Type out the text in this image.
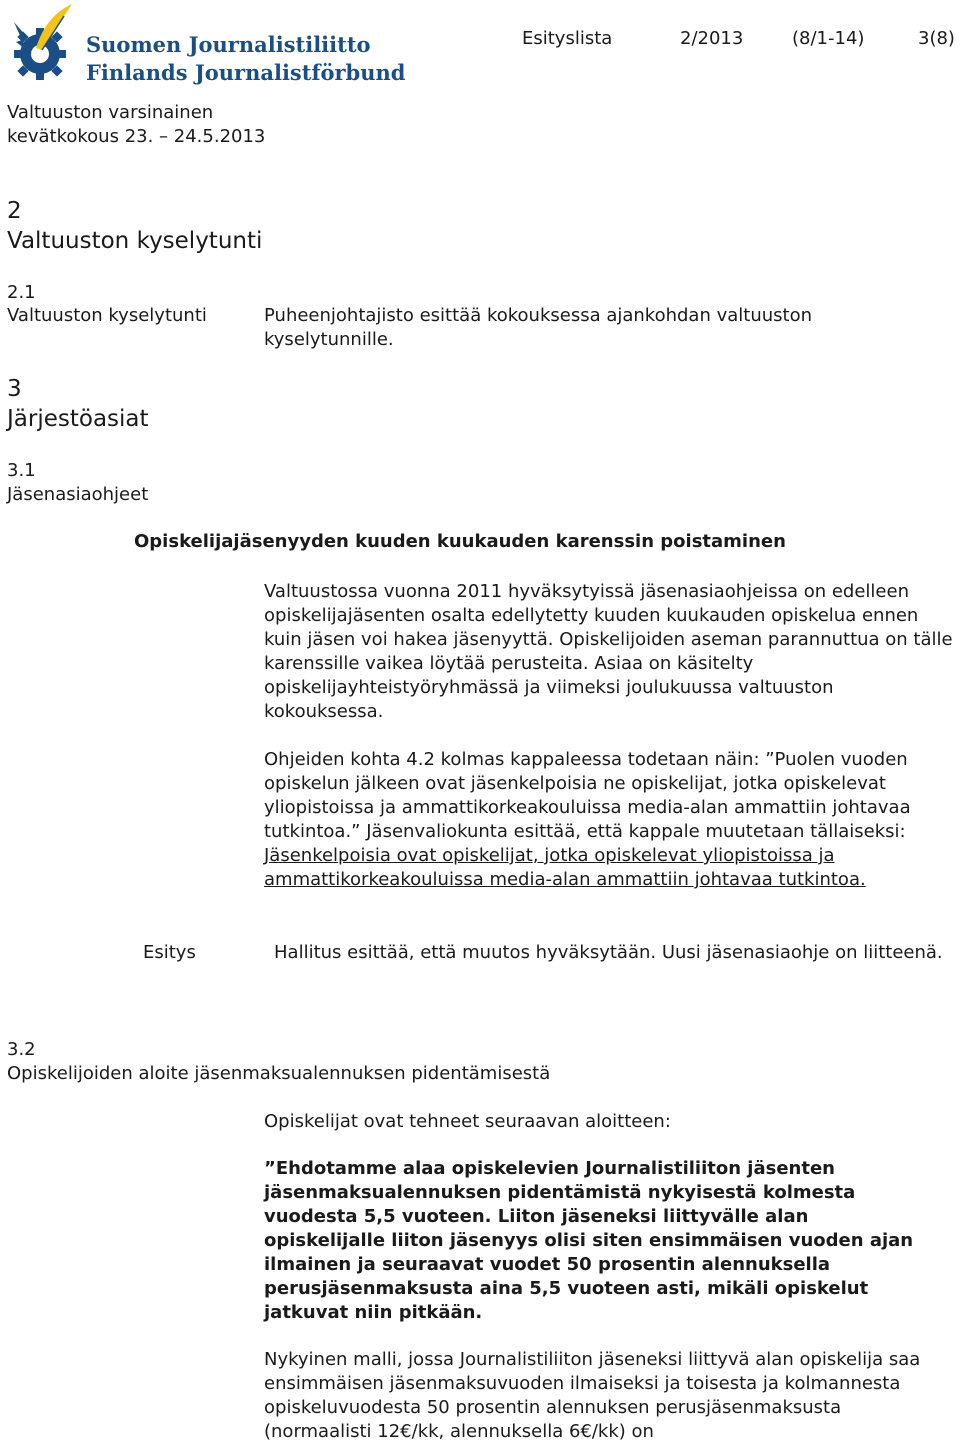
Suomen Journalistiliitto
Finlands Journalistförbund
Esityslista	2/2013	(8/1-14)	3(8)
Valtuuston varsinainen
kevätkokous 23. – 24.5.2013
2
Valtuuston kyselytunti
2.1
Valtuuston kyselytunti	Puheenjohtajisto esittää kokouksessa ajankohdan valtuuston kyselytunnille.
3
Järjestöasiat
3.1
Jäsenasiaohjeet
Opiskelijajäsenyyden kuuden kuukauden karenssin poistaminen
Valtuustossa vuonna 2011 hyväksytyissä jäsenasiaohjeissa on edelleen opiskelijajäsenten osalta edellytetty kuuden kuukauden opiskelua ennen kuin jäsen voi hakea jäsenyyttä. Opiskelijoiden aseman parannuttua on tälle karenssille vaikea löytää perusteita. Asiaa on käsitelty opiskelijayhteistyöryhmässä ja viimeksi joulukuussa valtuuston kokouksessa.
Ohjeiden kohta 4.2 kolmas kappaleessa todetaan näin: ”Puolen vuoden opiskelun jälkeen ovat jäsenkelpoisia ne opiskelijat, jotka opiskelevat yliopistoissa ja ammattikorkeakouluissa media-alan ammattiin johtavaa tutkintoa.” Jäsenvaliokunta esittää, että kappale muutetaan tällaiseksi: Jäsenkelpoisia ovat opiskelijat, jotka opiskelevat yliopistoissa ja ammattikorkeakouluissa media-alan ammattiin johtavaa tutkintoa.
Esitys	Hallitus esittää, että muutos hyväksytään. Uusi jäsenasiaohje on liitteenä.
3.2
Opiskelijoiden aloite jäsenmaksualennuksen pidentämisestä
Opiskelijat ovat tehneet seuraavan aloitteen:
”Ehdotamme alaa opiskelevien Journalistiliiton jäsenten jäsenmaksualennuksen pidentämistä nykyisestä kolmesta vuodesta 5,5 vuoteen. Liiton jäseneksi liittyvälle alan opiskelijalle liiton jäsenyys olisi siten ensimmäisen vuoden ajan ilmainen ja seuraavat vuodet 50 prosentin alennuksella perusjäsenmaksusta aina 5,5 vuoteen asti, mikäli opiskelut jatkuvat niin pitkään.
Nykyinen malli, jossa Journalistiliiton jäseneksi liittyvä alan opiskelija saa ensimmäisen jäsenmaksuvuoden ilmaiseksi ja toisesta ja kolmannesta opiskeluvuodesta 50 prosentin alennuksen perusjäsenmaksusta (normaalisti 12€/kk, alennuksella 6€/kk) on
